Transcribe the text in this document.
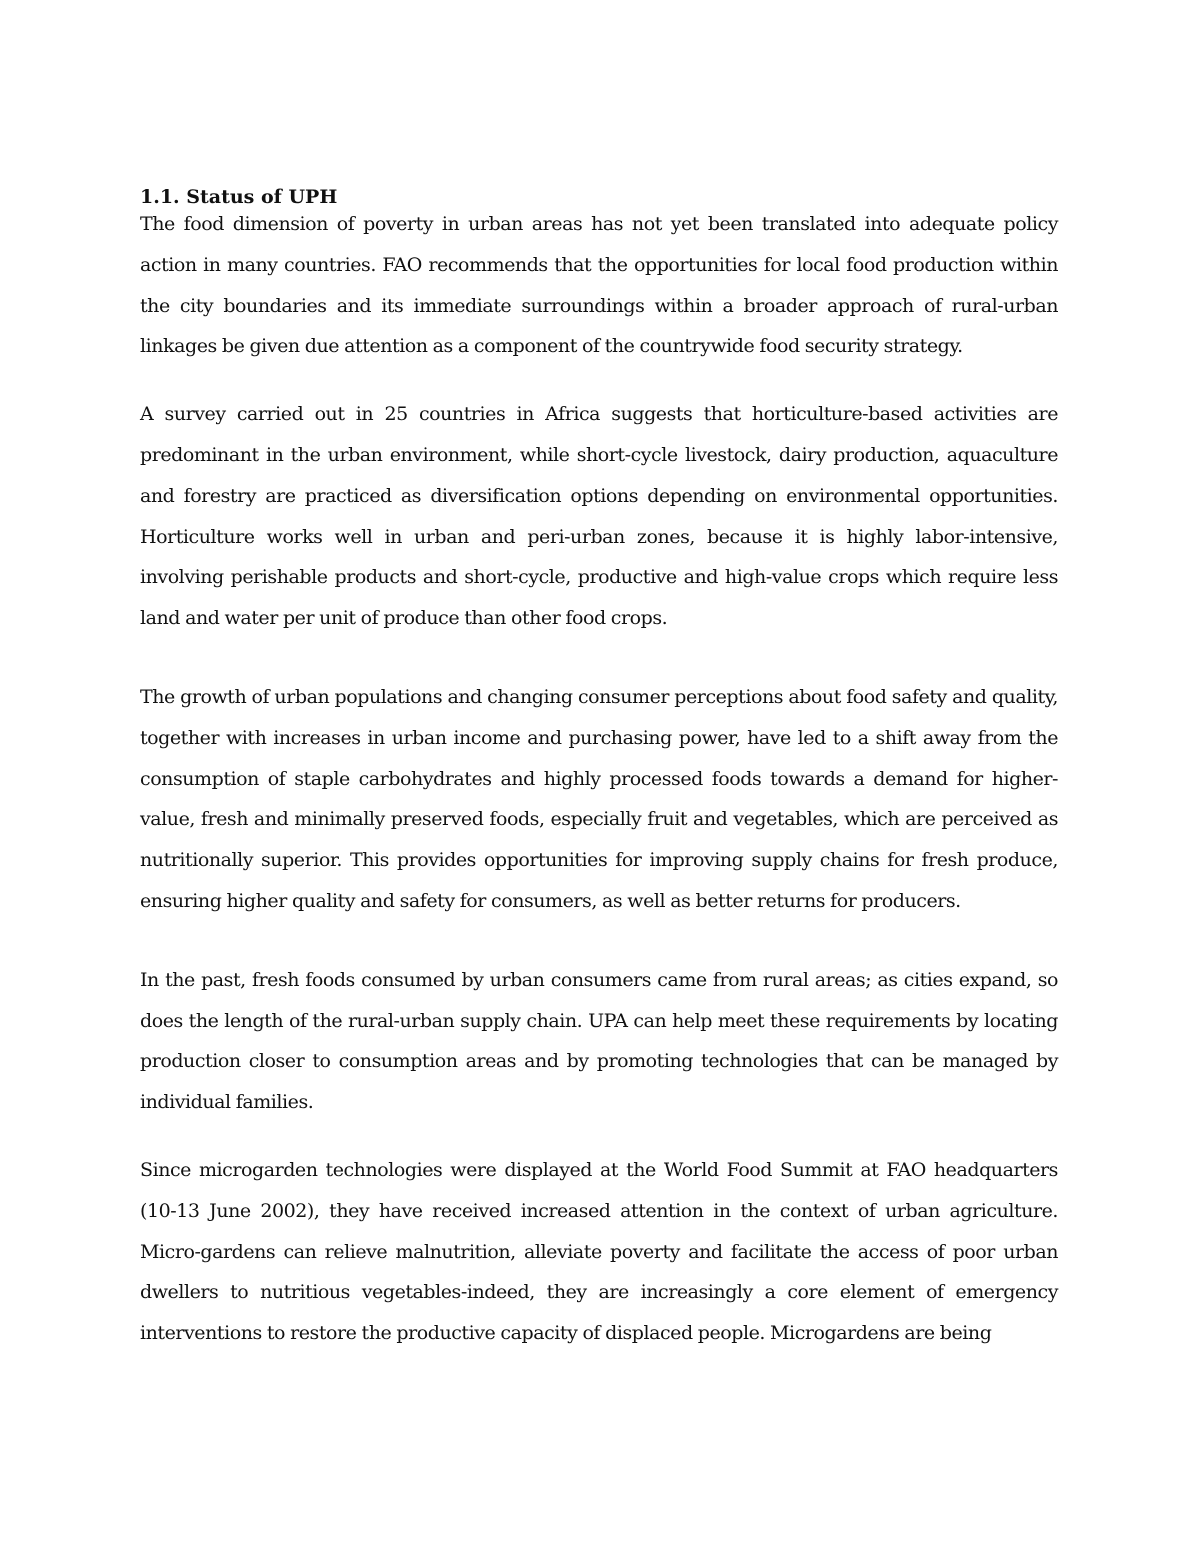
1.1. Status of UPH

The food dimension of poverty in urban areas has not yet been translated into adequate policy action in many countries. FAO recommends that the opportunities for local food production within the city boundaries and its immediate surroundings within a broader approach of rural-urban linkages be given due attention as a component of the countrywide food security strategy.

A survey carried out in 25 countries in Africa suggests that horticulture-based activities are predominant in the urban environment, while short-cycle livestock, dairy production, aquaculture and forestry are practiced as diversification options depending on environmental opportunities. Horticulture works well in urban and peri-urban zones, because it is highly labor-intensive, involving perishable products and short-cycle, productive and high-value crops which require less land and water per unit of produce than other food crops.

The growth of urban populations and changing consumer perceptions about food safety and quality, together with increases in urban income and purchasing power, have led to a shift away from the consumption of staple carbohydrates and highly processed foods towards a demand for higher-value, fresh and minimally preserved foods, especially fruit and vegetables, which are perceived as nutritionally superior. This provides opportunities for improving supply chains for fresh produce, ensuring higher quality and safety for consumers, as well as better returns for producers.

In the past, fresh foods consumed by urban consumers came from rural areas; as cities expand, so does the length of the rural-urban supply chain. UPA can help meet these requirements by locating production closer to consumption areas and by promoting technologies that can be managed by individual families.

Since microgarden technologies were displayed at the World Food Summit at FAO headquarters (10-13 June 2002), they have received increased attention in the context of urban agriculture. Micro-gardens can relieve malnutrition, alleviate poverty and facilitate the access of poor urban dwellers to nutritious vegetables-indeed, they are increasingly a core element of emergency interventions to restore the productive capacity of displaced people. Microgardens are being
